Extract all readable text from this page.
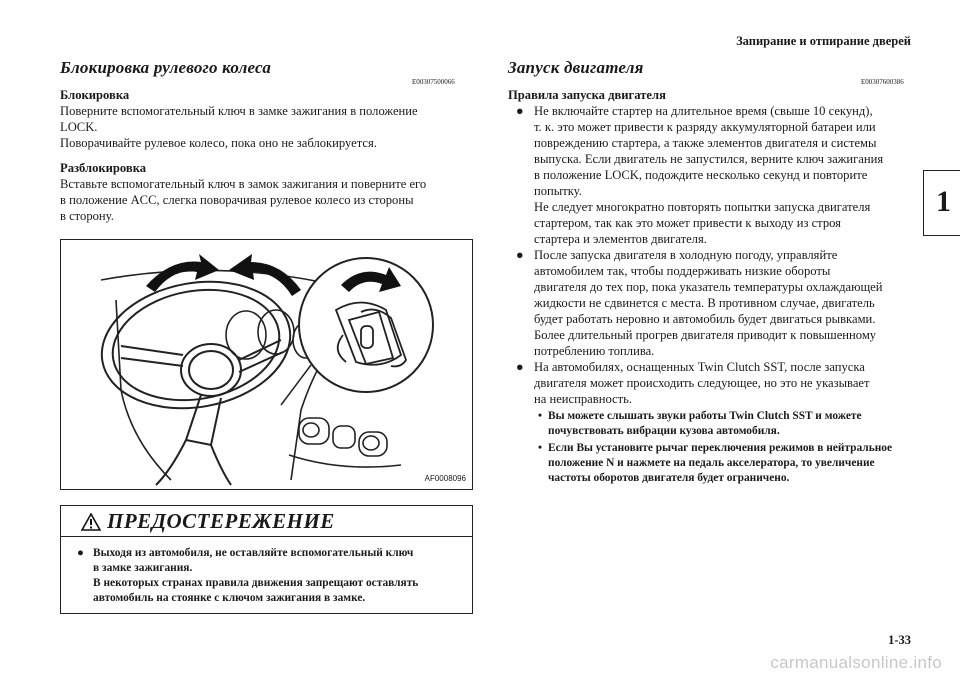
Запирание и отпирание дверей
1
Блокировка рулевого колеса
E00307500066
Блокировка
Поверните вспомогательный ключ в замке зажигания в положение
LOCK.
Поворачивайте рулевое колесо, пока оно не заблокируется.
Разблокировка
Вставьте вспомогательный ключ в замок зажигания и поверните его
в положение ACC, слегка поворачивая рулевое колесо из стороны
в сторону.
AF0008096
ПРЕДОСТЕРЕЖЕНИЕ
● Выходя из автомобиля, не оставляйте вспомогательный ключ
в замке зажигания.
В некоторых странах правила движения запрещают оставлять
автомобиль на стоянке с ключом зажигания в замке.
Запуск двигателя
E00307600386
Правила запуска двигателя
● Не включайте стартер на длительное время (свыше 10 секунд),
т. к. это может привести к разряду аккумуляторной батареи или
повреждению стартера, а также элементов двигателя и системы
выпуска. Если двигатель не запустился, верните ключ зажигания
в положение LOCK, подождите несколько секунд и повторите
попытку.
Не следует многократно повторять попытки запуска двигателя
стартером, так как это может привести к выходу из строя
стартера и элементов двигателя.
● После запуска двигателя в холодную погоду, управляйте
автомобилем так, чтобы поддерживать низкие обороты
двигателя до тех пор, пока указатель температуры охлаждающей
жидкости не сдвинется с места. В противном случае, двигатель
будет работать неровно и автомобиль будет двигаться рывками.
Более длительный прогрев двигателя приводит к повышенному
потреблению топлива.
● На автомобилях, оснащенных Twin Clutch SST, после запуска
двигателя может происходить следующее, но это не указывает
на неисправность.
• Вы можете слышать звуки работы Twin Clutch SST и можете
почувствовать вибрации кузова автомобиля.
• Если Вы установите рычаг переключения режимов в нейтральное
положение N и нажмете на педаль акселератора, то увеличение
частоты оборотов двигателя будет ограничено.
1-33
carmanualsonline.info
